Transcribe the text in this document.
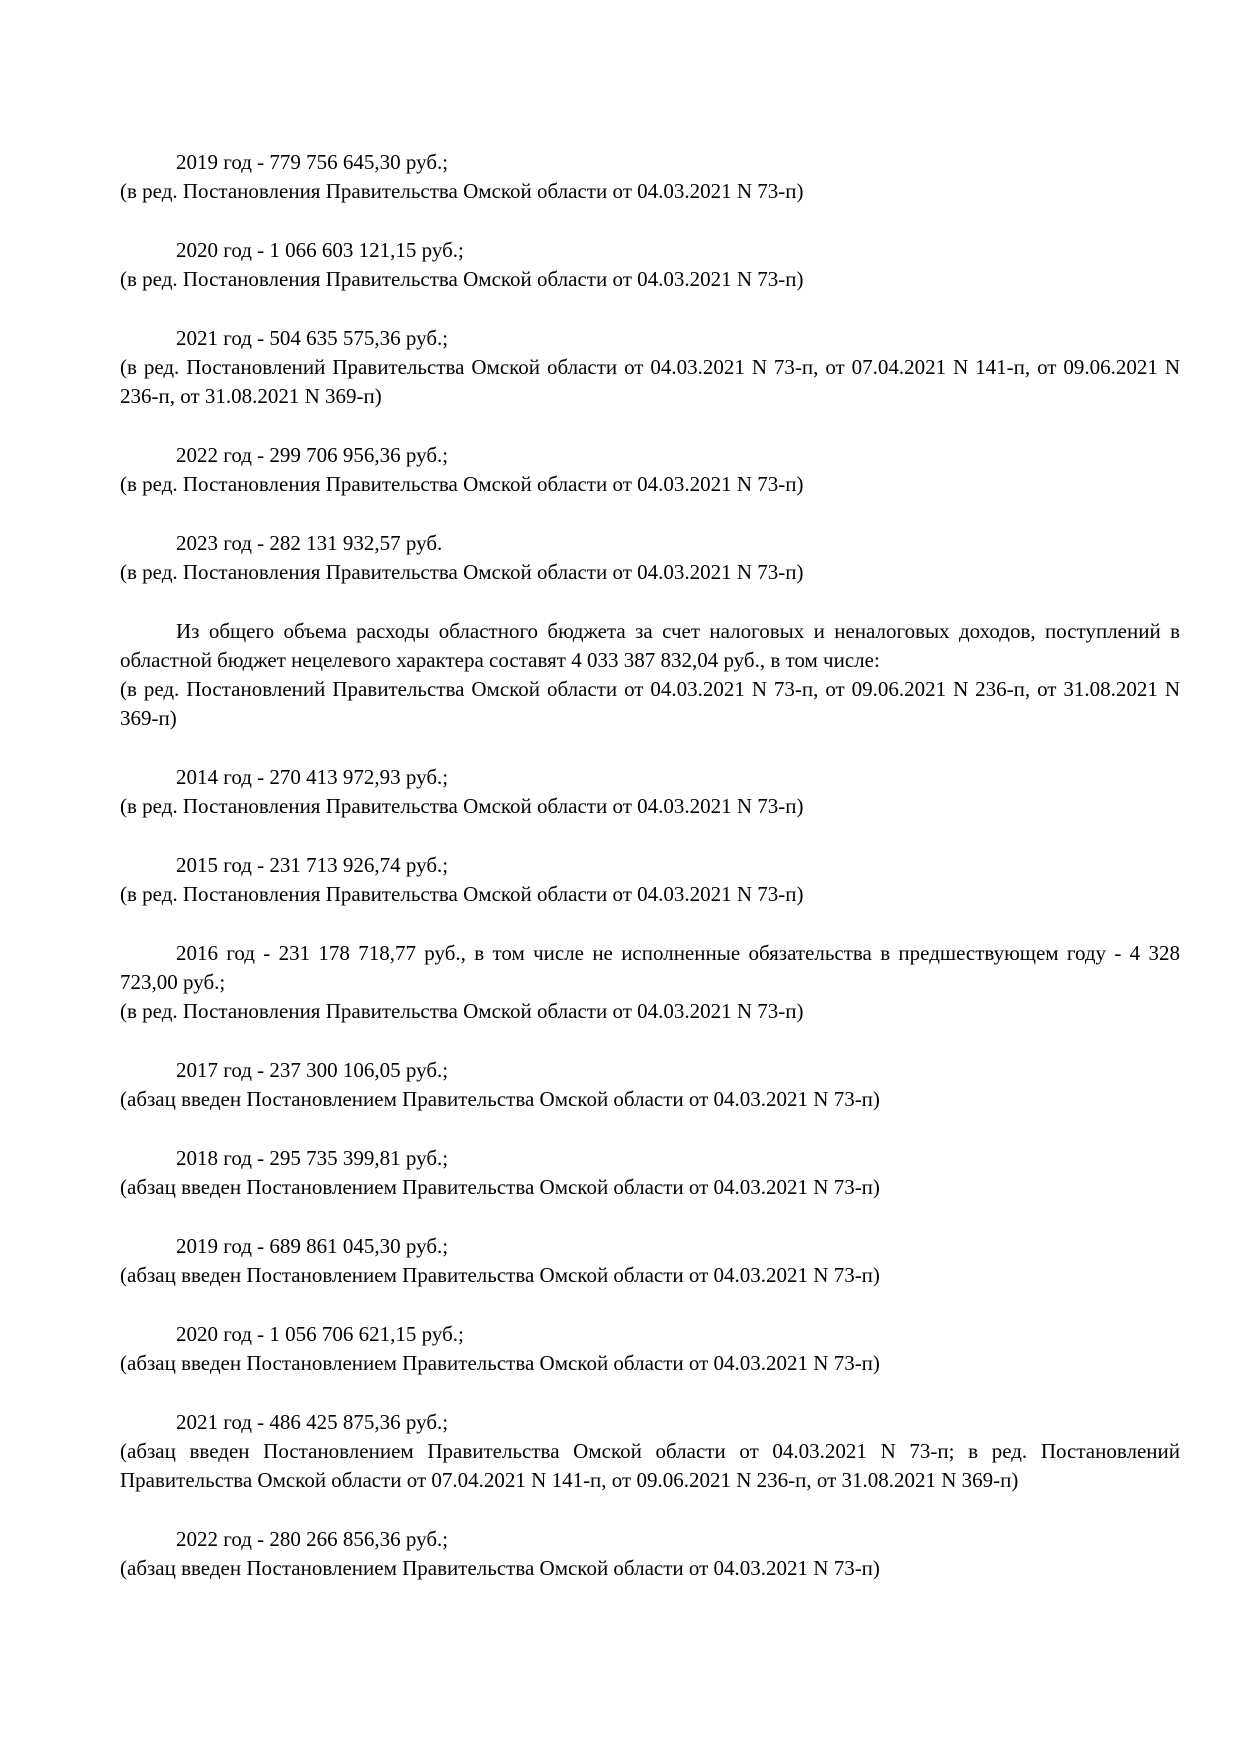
2019 год - 779 756 645,30 руб.;
(в ред. Постановления Правительства Омской области от 04.03.2021 N 73-п)
2020 год - 1 066 603 121,15 руб.;
(в ред. Постановления Правительства Омской области от 04.03.2021 N 73-п)
2021 год - 504 635 575,36 руб.;
(в ред. Постановлений Правительства Омской области от 04.03.2021 N 73-п, от 07.04.2021 N 141-п, от 09.06.2021 N 236-п, от 31.08.2021 N 369-п)
2022 год - 299 706 956,36 руб.;
(в ред. Постановления Правительства Омской области от 04.03.2021 N 73-п)
2023 год - 282 131 932,57 руб.
(в ред. Постановления Правительства Омской области от 04.03.2021 N 73-п)
Из общего объема расходы областного бюджета за счет налоговых и неналоговых доходов, поступлений в областной бюджет нецелевого характера составят 4 033 387 832,04 руб., в том числе:
(в ред. Постановлений Правительства Омской области от 04.03.2021 N 73-п, от 09.06.2021 N 236-п, от 31.08.2021 N 369-п)
2014 год - 270 413 972,93 руб.;
(в ред. Постановления Правительства Омской области от 04.03.2021 N 73-п)
2015 год - 231 713 926,74 руб.;
(в ред. Постановления Правительства Омской области от 04.03.2021 N 73-п)
2016 год - 231 178 718,77 руб., в том числе не исполненные обязательства в предшествующем году - 4 328 723,00 руб.;
(в ред. Постановления Правительства Омской области от 04.03.2021 N 73-п)
2017 год - 237 300 106,05 руб.;
(абзац введен Постановлением Правительства Омской области от 04.03.2021 N 73-п)
2018 год - 295 735 399,81 руб.;
(абзац введен Постановлением Правительства Омской области от 04.03.2021 N 73-п)
2019 год - 689 861 045,30 руб.;
(абзац введен Постановлением Правительства Омской области от 04.03.2021 N 73-п)
2020 год - 1 056 706 621,15 руб.;
(абзац введен Постановлением Правительства Омской области от 04.03.2021 N 73-п)
2021 год - 486 425 875,36 руб.;
(абзац введен Постановлением Правительства Омской области от 04.03.2021 N 73-п; в ред. Постановлений Правительства Омской области от 07.04.2021 N 141-п, от 09.06.2021 N 236-п, от 31.08.2021 N 369-п)
2022 год - 280 266 856,36 руб.;
(абзац введен Постановлением Правительства Омской области от 04.03.2021 N 73-п)
